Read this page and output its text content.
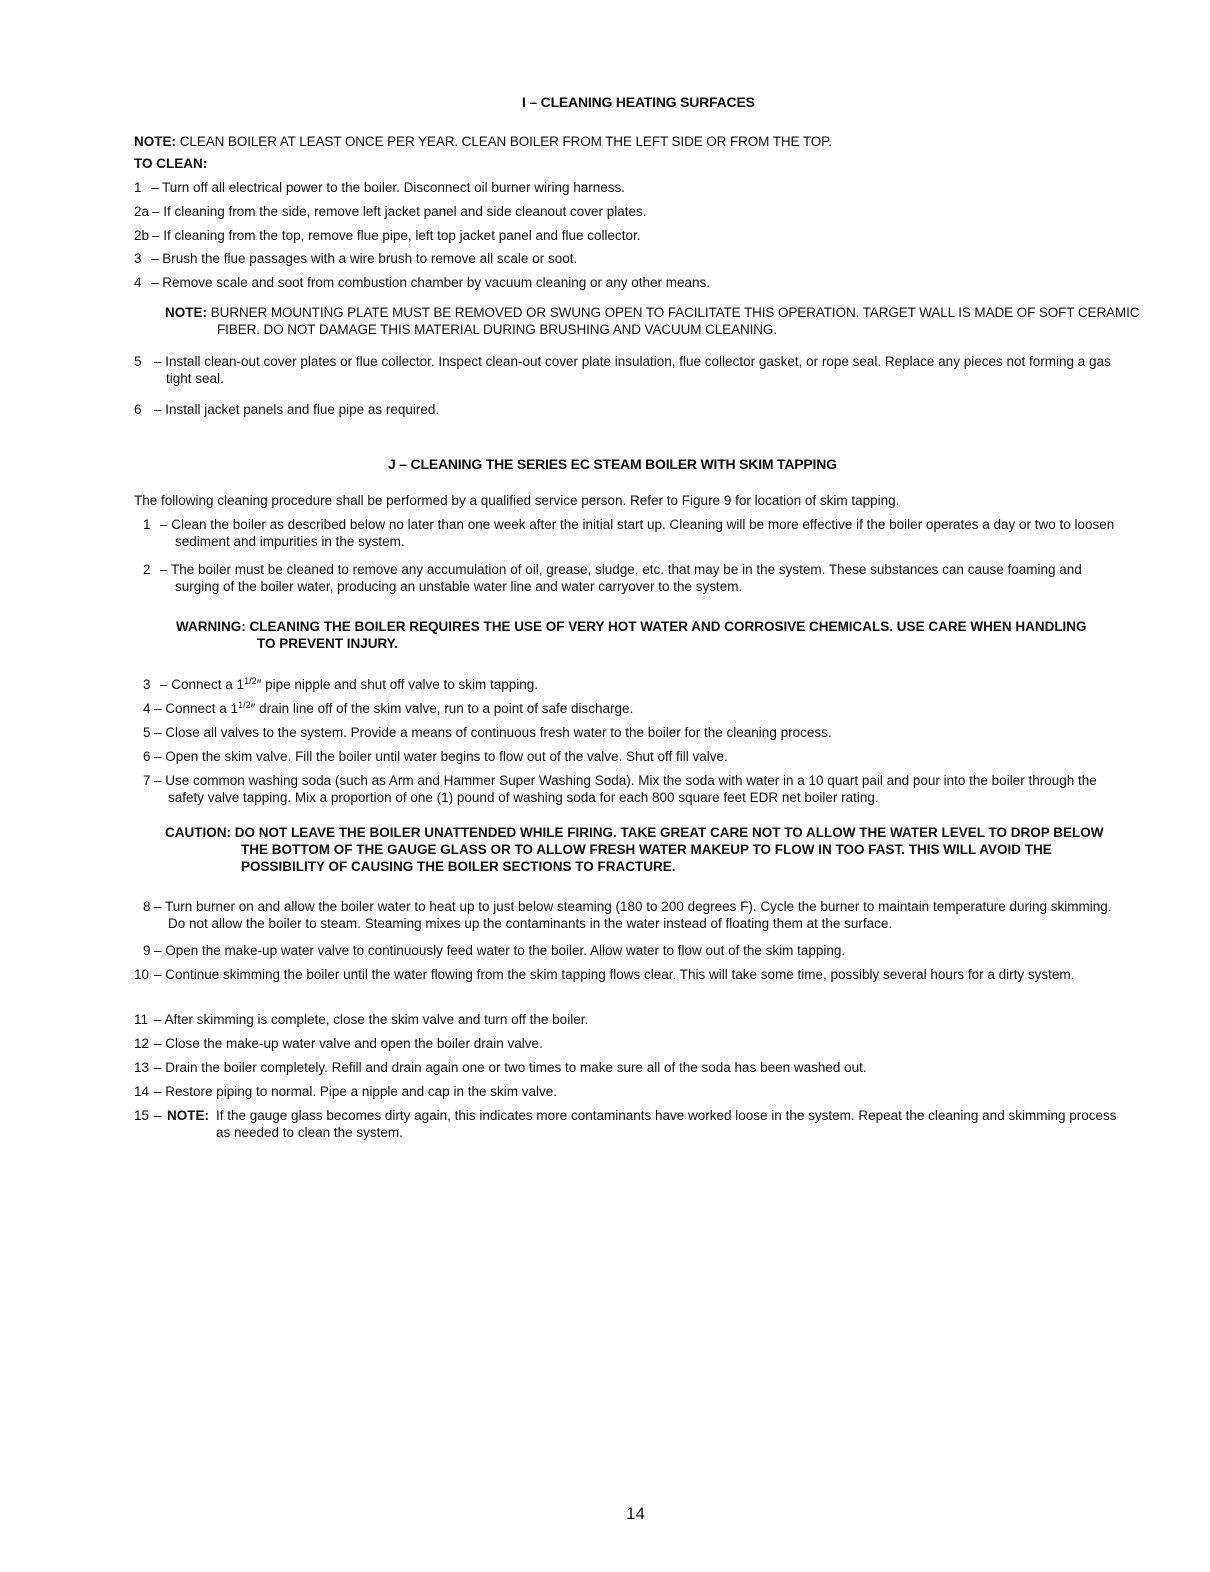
I – CLEANING HEATING SURFACES
NOTE: CLEAN BOILER AT LEAST ONCE PER YEAR. CLEAN BOILER FROM THE LEFT SIDE OR FROM THE TOP.
TO CLEAN:
1 – Turn off all electrical power to the boiler. Disconnect oil burner wiring harness.
2a – If cleaning from the side, remove left jacket panel and side cleanout cover plates.
2b – If cleaning from the top, remove flue pipe, left top jacket panel and flue collector.
3 – Brush the flue passages with a wire brush to remove all scale or soot.
4 – Remove scale and soot from combustion chamber by vacuum cleaning or any other means.
NOTE: BURNER MOUNTING PLATE MUST BE REMOVED OR SWUNG OPEN TO FACILITATE THIS OPERATION. TARGET WALL IS MADE OF SOFT CERAMIC FIBER. DO NOT DAMAGE THIS MATERIAL DURING BRUSHING AND VACUUM CLEANING.
5 – Install clean-out cover plates or flue collector. Inspect clean-out cover plate insulation, flue collector gasket, or rope seal. Replace any pieces not forming a gas tight seal.
6 – Install jacket panels and flue pipe as required.
J – CLEANING THE SERIES EC STEAM BOILER WITH SKIM TAPPING
The following cleaning procedure shall be performed by a qualified service person. Refer to Figure 9 for location of skim tapping.
1 – Clean the boiler as described below no later than one week after the initial start up. Cleaning will be more effective if the boiler operates a day or two to loosen sediment and impurities in the system.
2 – The boiler must be cleaned to remove any accumulation of oil, grease, sludge, etc. that may be in the system. These substances can cause foaming and surging of the boiler water, producing an unstable water line and water carryover to the system.
WARNING: CLEANING THE BOILER REQUIRES THE USE OF VERY HOT WATER AND CORROSIVE CHEMICALS. USE CARE WHEN HANDLING TO PREVENT INJURY.
3 – Connect a $1^{1/2}''$ pipe nipple and shut off valve to skim tapping.
4 – Connect a $1^{1/2}''$ drain line off of the skim valve, run to a point of safe discharge.
5 – Close all valves to the system. Provide a means of continuous fresh water to the boiler for the cleaning process.
6 – Open the skim valve. Fill the boiler until water begins to flow out of the valve. Shut off fill valve.
7 – Use common washing soda (such as Arm and Hammer Super Washing Soda). Mix the soda with water in a 10 quart pail and pour into the boiler through the safety valve tapping. Mix a proportion of one (1) pound of washing soda for each 800 square feet EDR net boiler rating.
CAUTION: DO NOT LEAVE THE BOILER UNATTENDED WHILE FIRING. TAKE GREAT CARE NOT TO ALLOW THE WATER LEVEL TO DROP BELOW THE BOTTOM OF THE GAUGE GLASS OR TO ALLOW FRESH WATER MAKEUP TO FLOW IN TOO FAST. THIS WILL AVOID THE POSSIBILITY OF CAUSING THE BOILER SECTIONS TO FRACTURE.
8 – Turn burner on and allow the boiler water to heat up to just below steaming (180 to 200 degrees F). Cycle the burner to maintain temperature during skimming. Do not allow the boiler to steam. Steaming mixes up the contaminants in the water instead of floating them at the surface.
9 – Open the make-up water valve to continuously feed water to the boiler. Allow water to flow out of the skim tapping.
10 – Continue skimming the boiler until the water flowing from the skim tapping flows clear. This will take some time, possibly several hours for a dirty system.
11 – After skimming is complete, close the skim valve and turn off the boiler.
12 – Close the make-up water valve and open the boiler drain valve.
13 – Drain the boiler completely. Refill and drain again one or two times to make sure all of the soda has been washed out.
14 – Restore piping to normal. Pipe a nipple and cap in the skim valve.
15 – NOTE: If the gauge glass becomes dirty again, this indicates more contaminants have worked loose in the system. Repeat the cleaning and skimming process as needed to clean the system.
14
